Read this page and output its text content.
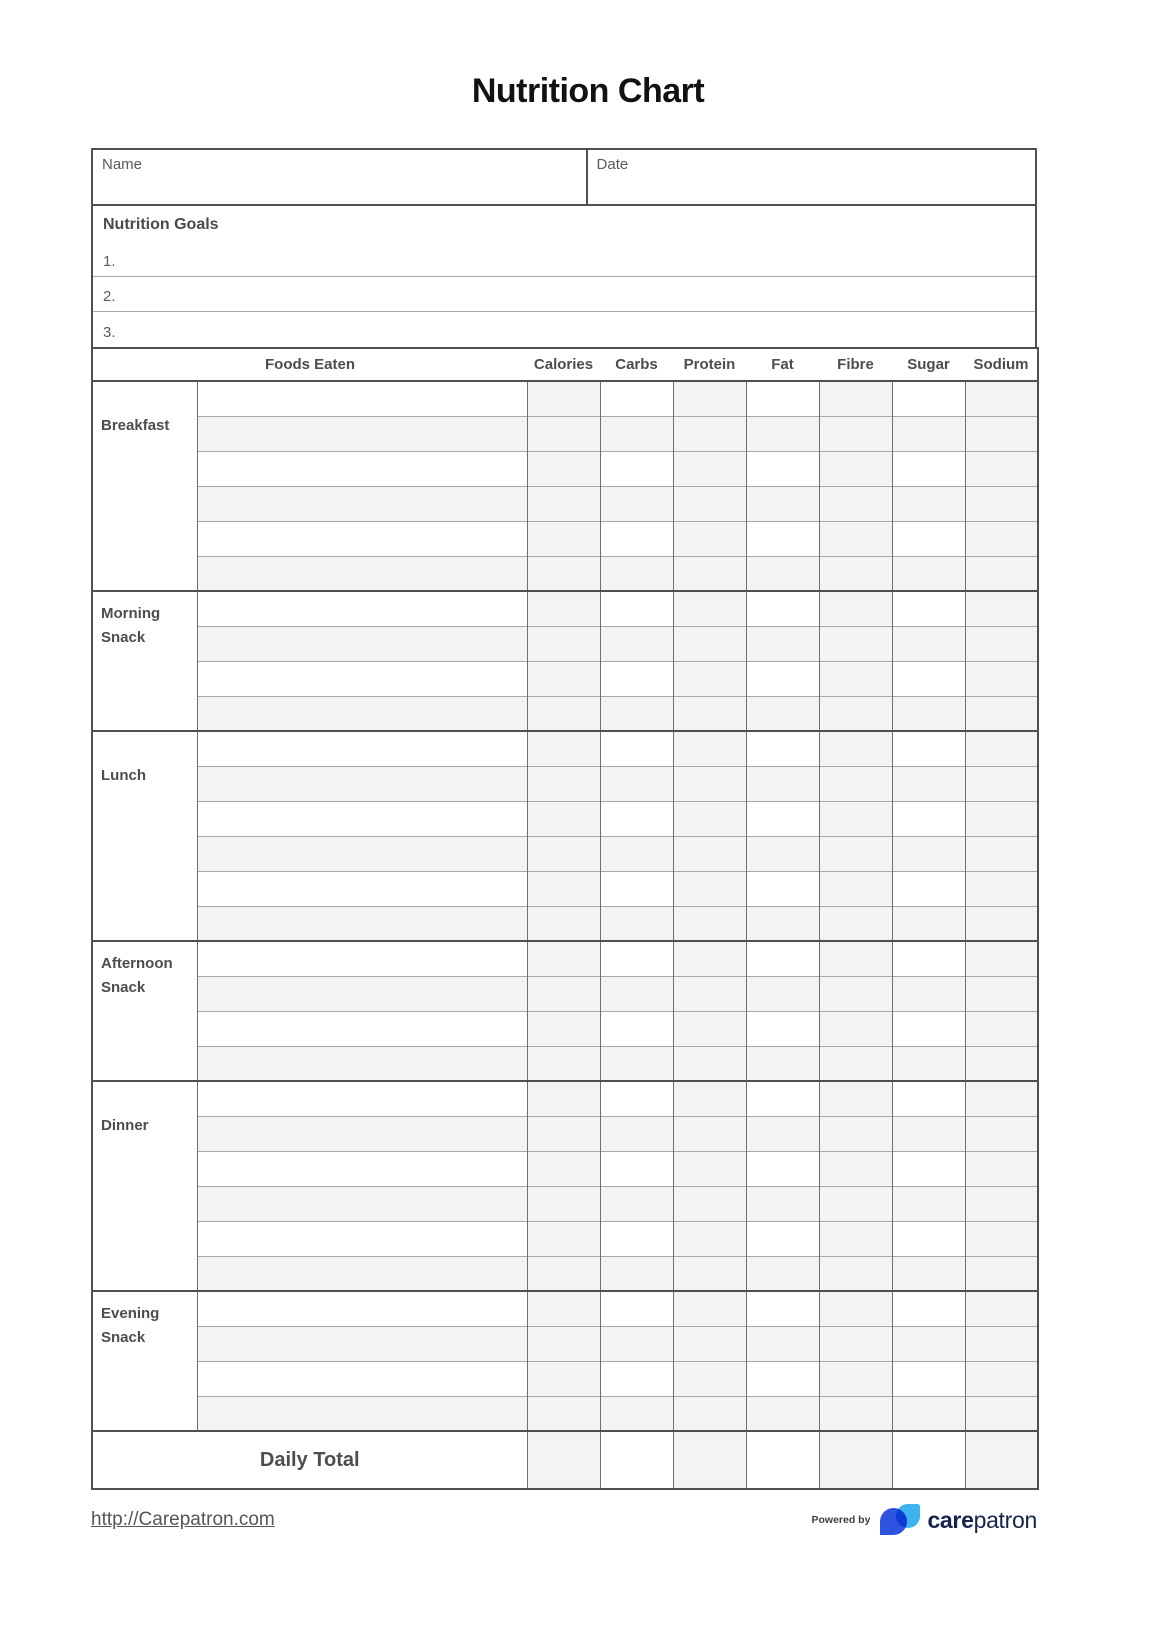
Nutrition Chart
Name	Date
Nutrition Goals
1.
2.
3.
Foods Eaten		Calories	Carbs	Protein	Fat	Fibre	Sugar	Sodium

Breakfast								

Morning
Snack								

Lunch								

Afternoon
Snack								

Dinner								

Evening
Snack								

Daily Total								
http://Carepatron.com	Powered by carepatron
